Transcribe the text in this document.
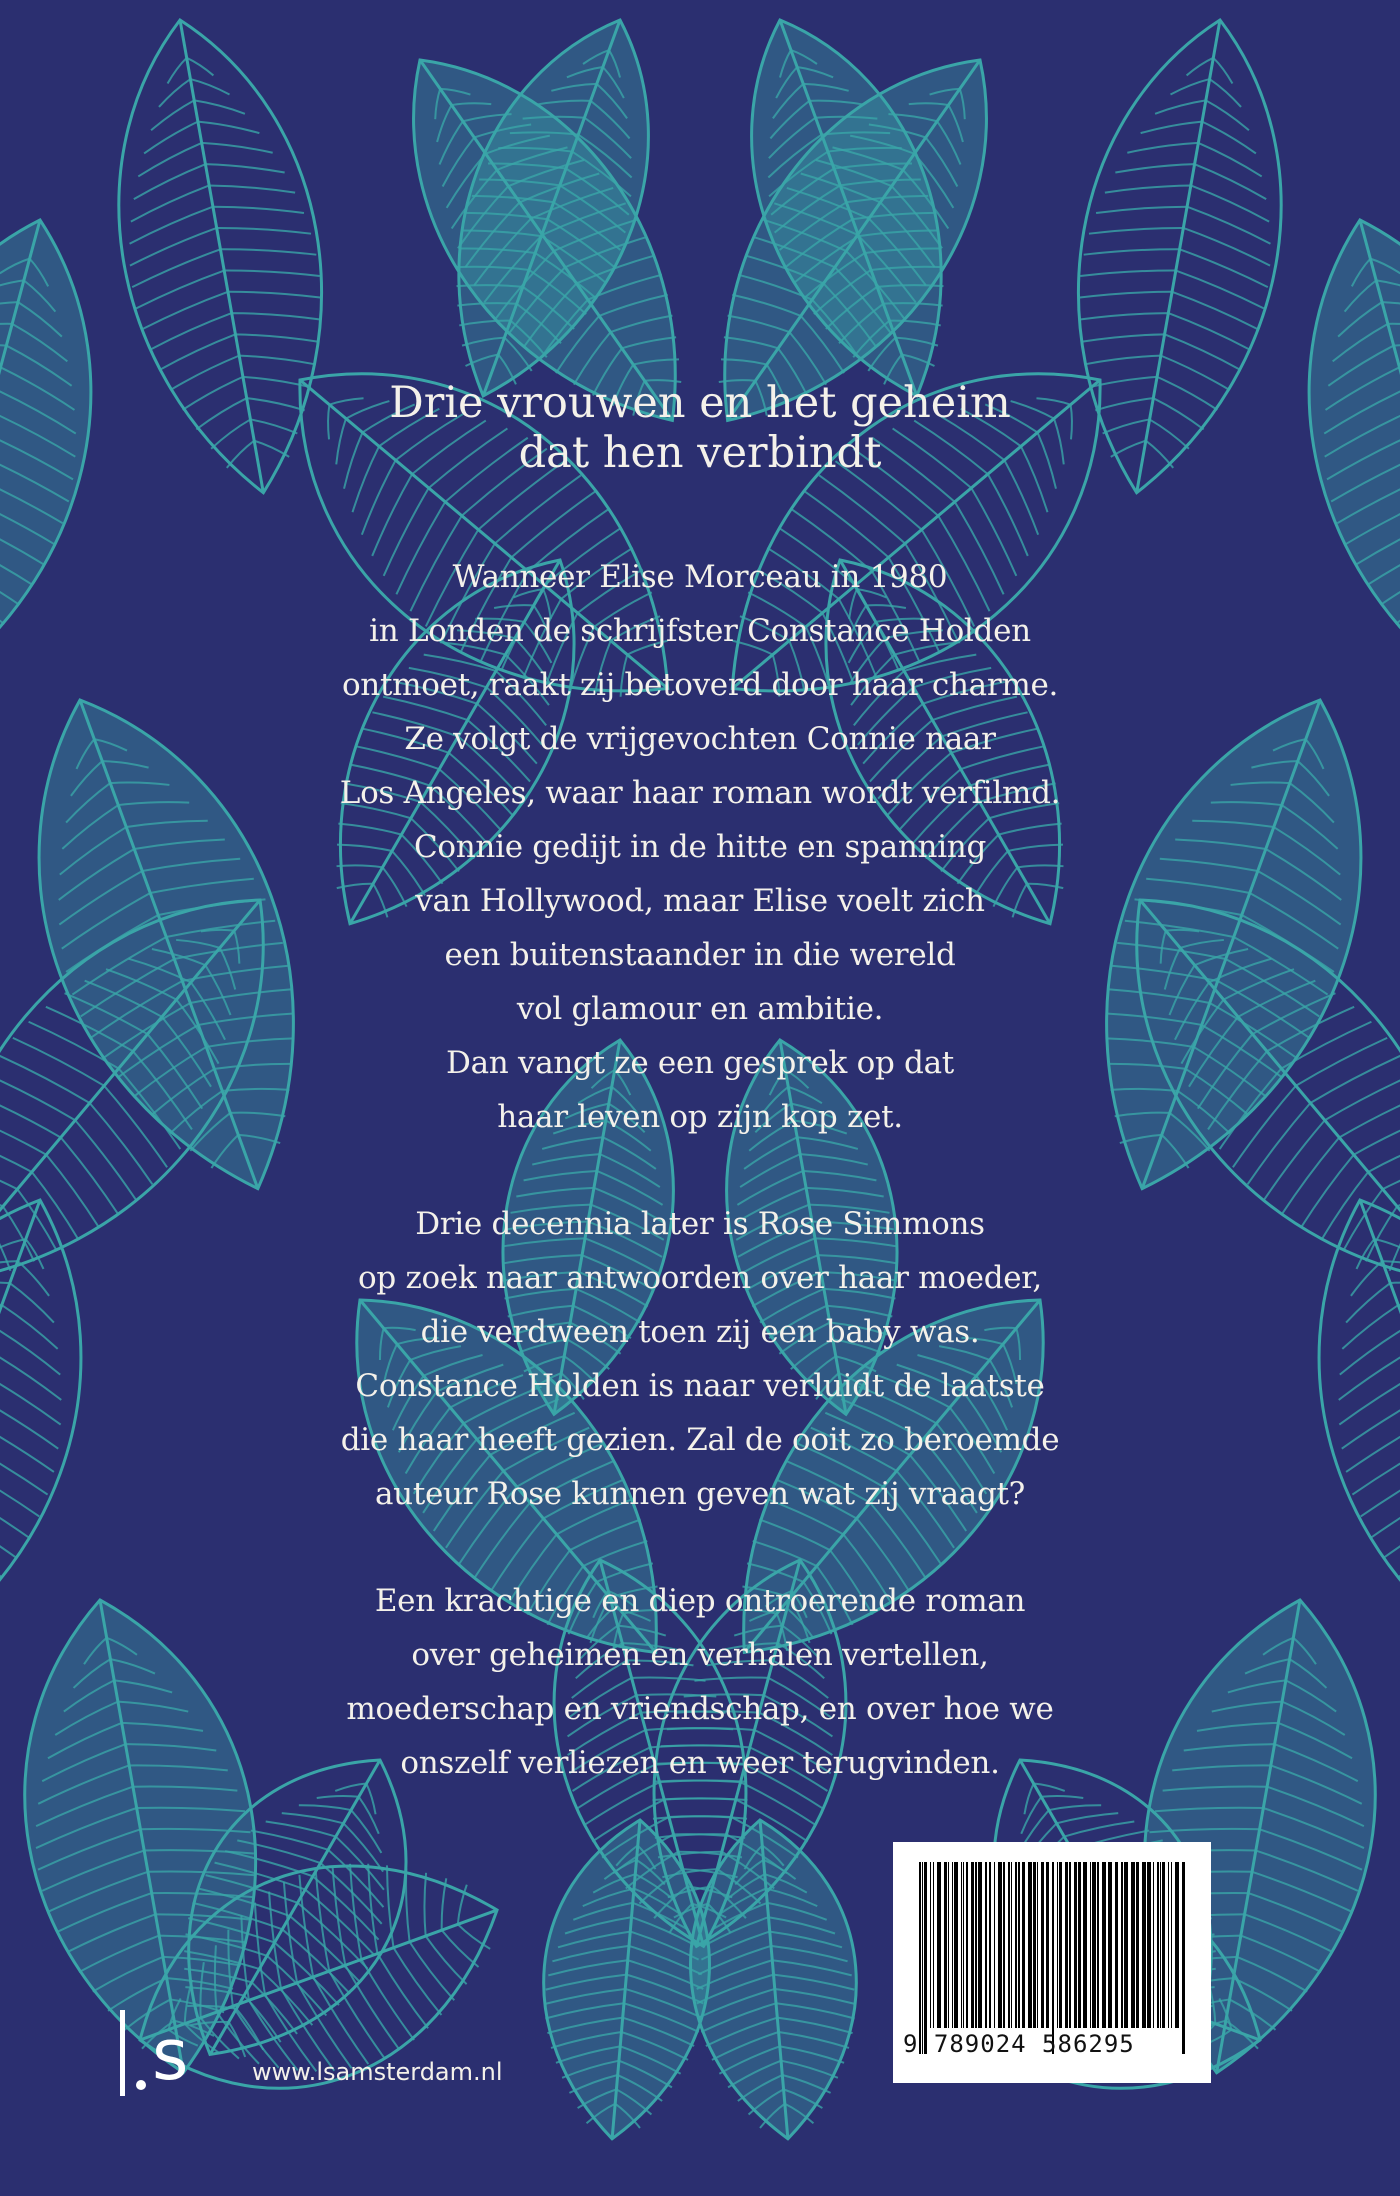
Drie vrouwen en het geheim
dat hen verbindt
Wanneer Elise Morceau in 1980
in Londen de schrijfster Constance Holden
ontmoet, raakt zij betoverd door haar charme.
Ze volgt de vrijgevochten Connie naar
Los Angeles, waar haar roman wordt verfilmd.
Connie gedijt in de hitte en spanning
van Hollywood, maar Elise voelt zich
een buitenstaander in die wereld
vol glamour en ambitie.
Dan vangt ze een gesprek op dat
haar leven op zijn kop zet.
Drie decennia later is Rose Simmons
op zoek naar antwoorden over haar moeder,
die verdween toen zij een baby was.
Constance Holden is naar verluidt de laatste
die haar heeft gezien. Zal de ooit zo beroemde
auteur Rose kunnen geven wat zij vraagt?
Een krachtige en diep ontroerende roman
over geheimen en verhalen vertellen,
moederschap en vriendschap, en over hoe we
onszelf verliezen en weer terugvinden.
9 789024 586295
s	www.lsamsterdam.nl
